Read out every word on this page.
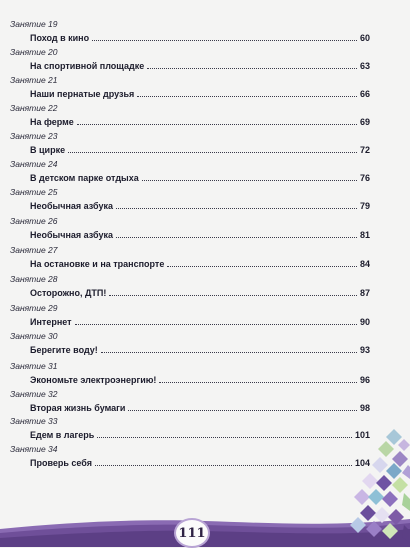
Занятие 19
Поход в кино	60
Занятие 20
На спортивной площадке	63
Занятие 21
Наши пернатые друзья	66
Занятие 22
На ферме	69
Занятие 23
В цирке	72
Занятие 24
В детском парке отдыха	76
Занятие 25
Необычная азбука	79
Занятие 26
Необычная азбука	81
Занятие 27
На остановке и на транспорте	84
Занятие 28
Осторожно, ДТП!	87
Занятие 29
Интернет	90
Занятие 30
Берегите воду!	93
Занятие 31
Экономьте электроэнергию!	96
Занятие 32
Вторая жизнь бумаги	98
Занятие 33
Едем в лагерь	101
Занятие 34
Проверь себя	104
111
